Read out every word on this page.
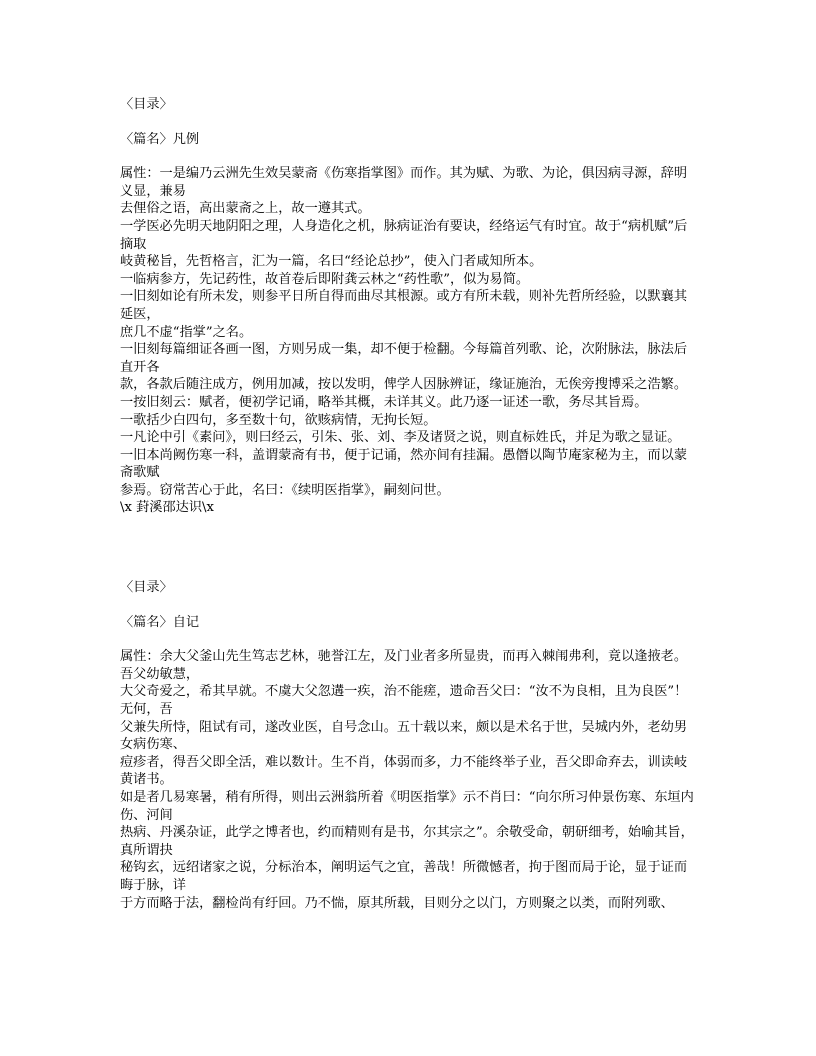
〈目录〉

〈篇名〉凡例

属性：一是编乃云洲先生效吴蒙斋《伤寒指掌图》而作。其为赋、为歌、为论，俱因病寻源，辞明义显，兼易

去俚俗之语，高出蒙斋之上，故一遵其式。

一学医必先明天地阴阳之理，人身造化之机，脉病证治有要诀，经络运气有时宜。故于“病机赋”后摘取

岐黄秘旨，先哲格言，汇为一篇，名曰“经论总抄”，使入门者咸知所本。

一临病参方，先记药性，故首卷后即附龚云林之“药性歌”，似为易简。

一旧刻如论有所未发，则参平日所自得而曲尽其根源。或方有所未载，则补先哲所经验，以默襄其延医，

庶几不虚“指掌”之名。

一旧刻每篇细证各画一图，方则另成一集，却不便于检翻。今每篇首列歌、论，次附脉法，脉法后直开各

款，各款后随注成方，例用加减，按以发明，俾学人因脉辨证，缘证施治，无俟旁搜博采之浩繁。

一按旧刻云：赋者，便初学记诵，略举其概，未详其义。此乃逐一证述一歌，务尽其旨焉。

一歌括少白四句，多至数十句，欲赅病情，无拘长短。

一凡论中引《素问》，则曰经云，引朱、张、刘、李及诸贤之说，则直标姓氏，并足为歌之显证。

一旧本尚阙伤寒一科，盖谓蒙斋有书，便于记诵，然亦间有挂漏。愚僭以陶节庵家秘为主，而以蒙斋歌赋

参焉。窃常苦心于此，名曰：《续明医指掌》，嗣刻问世。

\x 葑溪邵达识\x

〈目录〉

〈篇名〉自记

属性：余大父釜山先生笃志艺林，驰誉江左，及门业者多所显贵，而再入棘闱弗利，竟以逢掖老。吾父幼敏慧，

大父奇爱之，希其早就。不虞大父忽遘一疾，治不能瘥，遗命吾父曰：“汝不为良相，且为良医”！无何，吾

父兼失所恃，阻试有司，遂改业医，自号念山。五十载以来，颇以是术名于世，吴城内外，老幼男女病伤寒、

痘疹者，得吾父即全活，难以数计。生不肖，体弱而多，力不能终举子业，吾父即命弃去，训读岐黄诸书。

如是者几易寒暑，稍有所得，则出云洲翁所着《明医指掌》示不肖曰：“向尔所习仲景伤寒、东垣内伤、河间

热病、丹溪杂证，此学之博者也，约而精则有是书，尔其宗之”。余敬受命，朝研细考，始喻其旨，真所谓抉

秘钩玄，远绍诸家之说，分标治本，阐明运气之宜，善哉！所微憾者，拘于图而局于论，显于证而晦于脉，详

于方而略于法，翻检尚有纡回。乃不惴，原其所载，目则分之以门，方则聚之以类，而附列歌、
